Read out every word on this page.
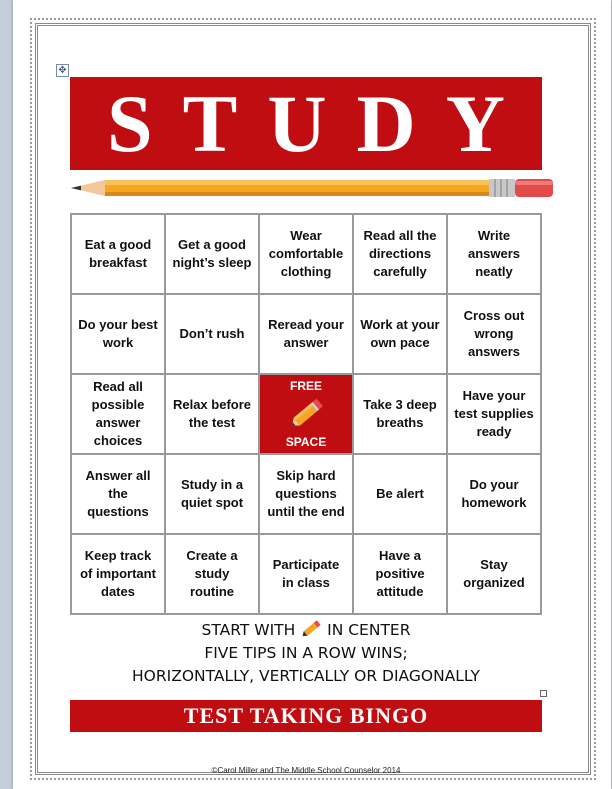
✥
STUDY
Eat a good breakfast
Get a good night’s sleep
Wear comfortable clothing
Read all the directions carefully
Write answers neatly
Do your best work
Don’t rush
Reread your answer
Work at your own pace
Cross out wrong answers
Read all possible answer choices
Relax before the test
FREE
SPACE
Take 3 deep breaths
Have your test supplies ready
Answer all the questions
Study in a quiet spot
Skip hard questions until the end
Be alert
Do your homework
Keep track of important dates
Create a study routine
Participate in class
Have a positive attitude
Stay organized
START WITH IN CENTER
FIVE TIPS IN A ROW WINS;
HORIZONTALLY, VERTICALLY OR DIAGONALLY
TEST TAKING BINGO
©Carol Miller and The Middle School Counselor 2014
